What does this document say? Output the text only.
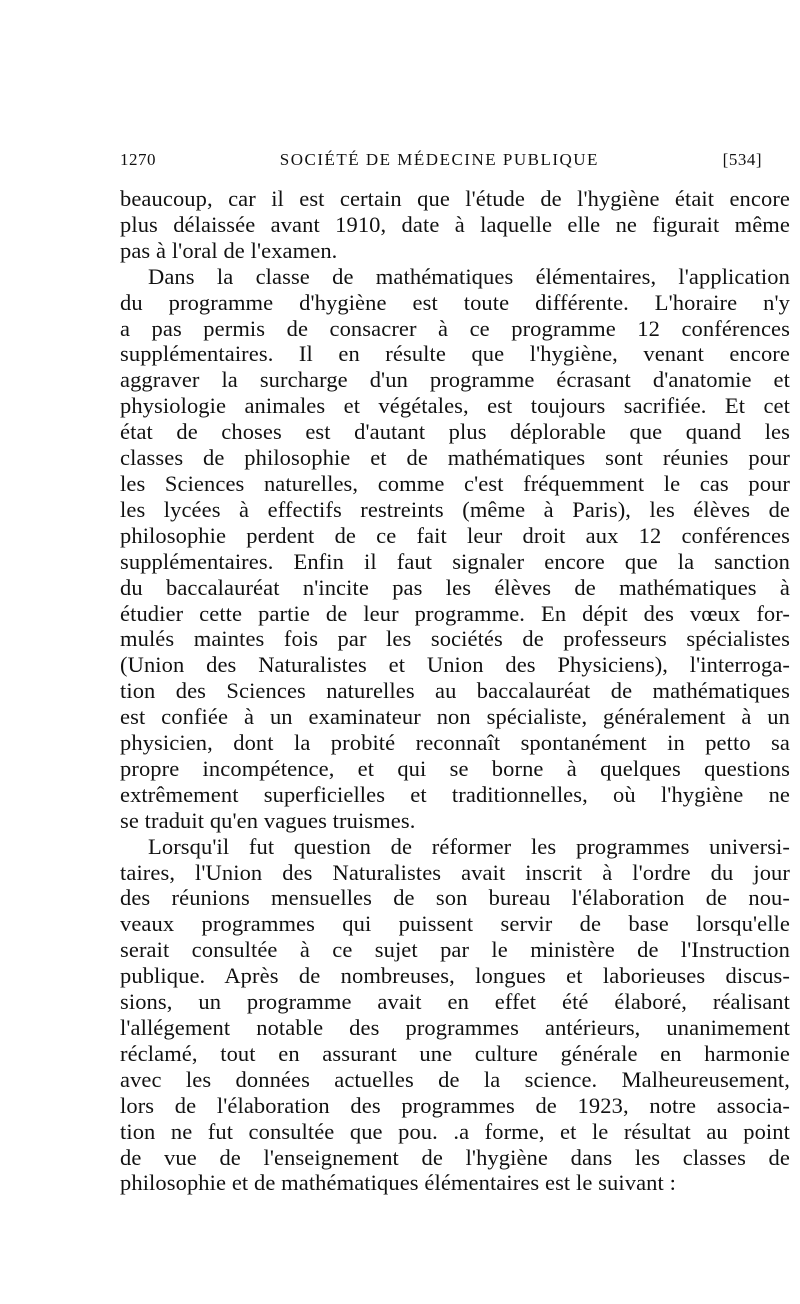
1270	SOCIÉTÉ DE MÉDECINE PUBLIQUE	[534]

beaucoup, car il est certain que l'étude de l'hygiène était encore

plus délaissée avant 1910, date à laquelle elle ne figurait même

pas à l'oral de l'examen.

Dans la classe de mathématiques élémentaires, l'application

du programme d'hygiène est toute différente. L'horaire n'y

a pas permis de consacrer à ce programme 12 conférences

supplémentaires. Il en résulte que l'hygiène, venant encore

aggraver la surcharge d'un programme écrasant d'anatomie et

physiologie animales et végétales, est toujours sacrifiée. Et cet

état de choses est d'autant plus déplorable que quand les

classes de philosophie et de mathématiques sont réunies pour

les Sciences naturelles, comme c'est fréquemment le cas pour

les lycées à effectifs restreints (même à Paris), les élèves de

philosophie perdent de ce fait leur droit aux 12 conférences

supplémentaires. Enfin il faut signaler encore que la sanction

du baccalauréat n'incite pas les élèves de mathématiques à

étudier cette partie de leur programme. En dépit des vœux for-

mulés maintes fois par les sociétés de professeurs spécialistes

(Union des Naturalistes et Union des Physiciens), l'interroga-

tion des Sciences naturelles au baccalauréat de mathématiques

est confiée à un examinateur non spécialiste, généralement à un

physicien, dont la probité reconnaît spontanément in petto sa

propre incompétence, et qui se borne à quelques questions

extrêmement superficielles et traditionnelles, où l'hygiène ne

se traduit qu'en vagues truismes.

Lorsqu'il fut question de réformer les programmes universi-

taires, l'Union des Naturalistes avait inscrit à l'ordre du jour

des réunions mensuelles de son bureau l'élaboration de nou-

veaux programmes qui puissent servir de base lorsqu'elle

serait consultée à ce sujet par le ministère de l'Instruction

publique. Après de nombreuses, longues et laborieuses discus-

sions, un programme avait en effet été élaboré, réalisant

l'allégement notable des programmes antérieurs, unanimement

réclamé, tout en assurant une culture générale en harmonie

avec les données actuelles de la science. Malheureusement,

lors de l'élaboration des programmes de 1923, notre associa-

tion ne fut consultée que pou. .a forme, et le résultat au point

de vue de l'enseignement de l'hygiène dans les classes de

philosophie et de mathématiques élémentaires est le suivant :
